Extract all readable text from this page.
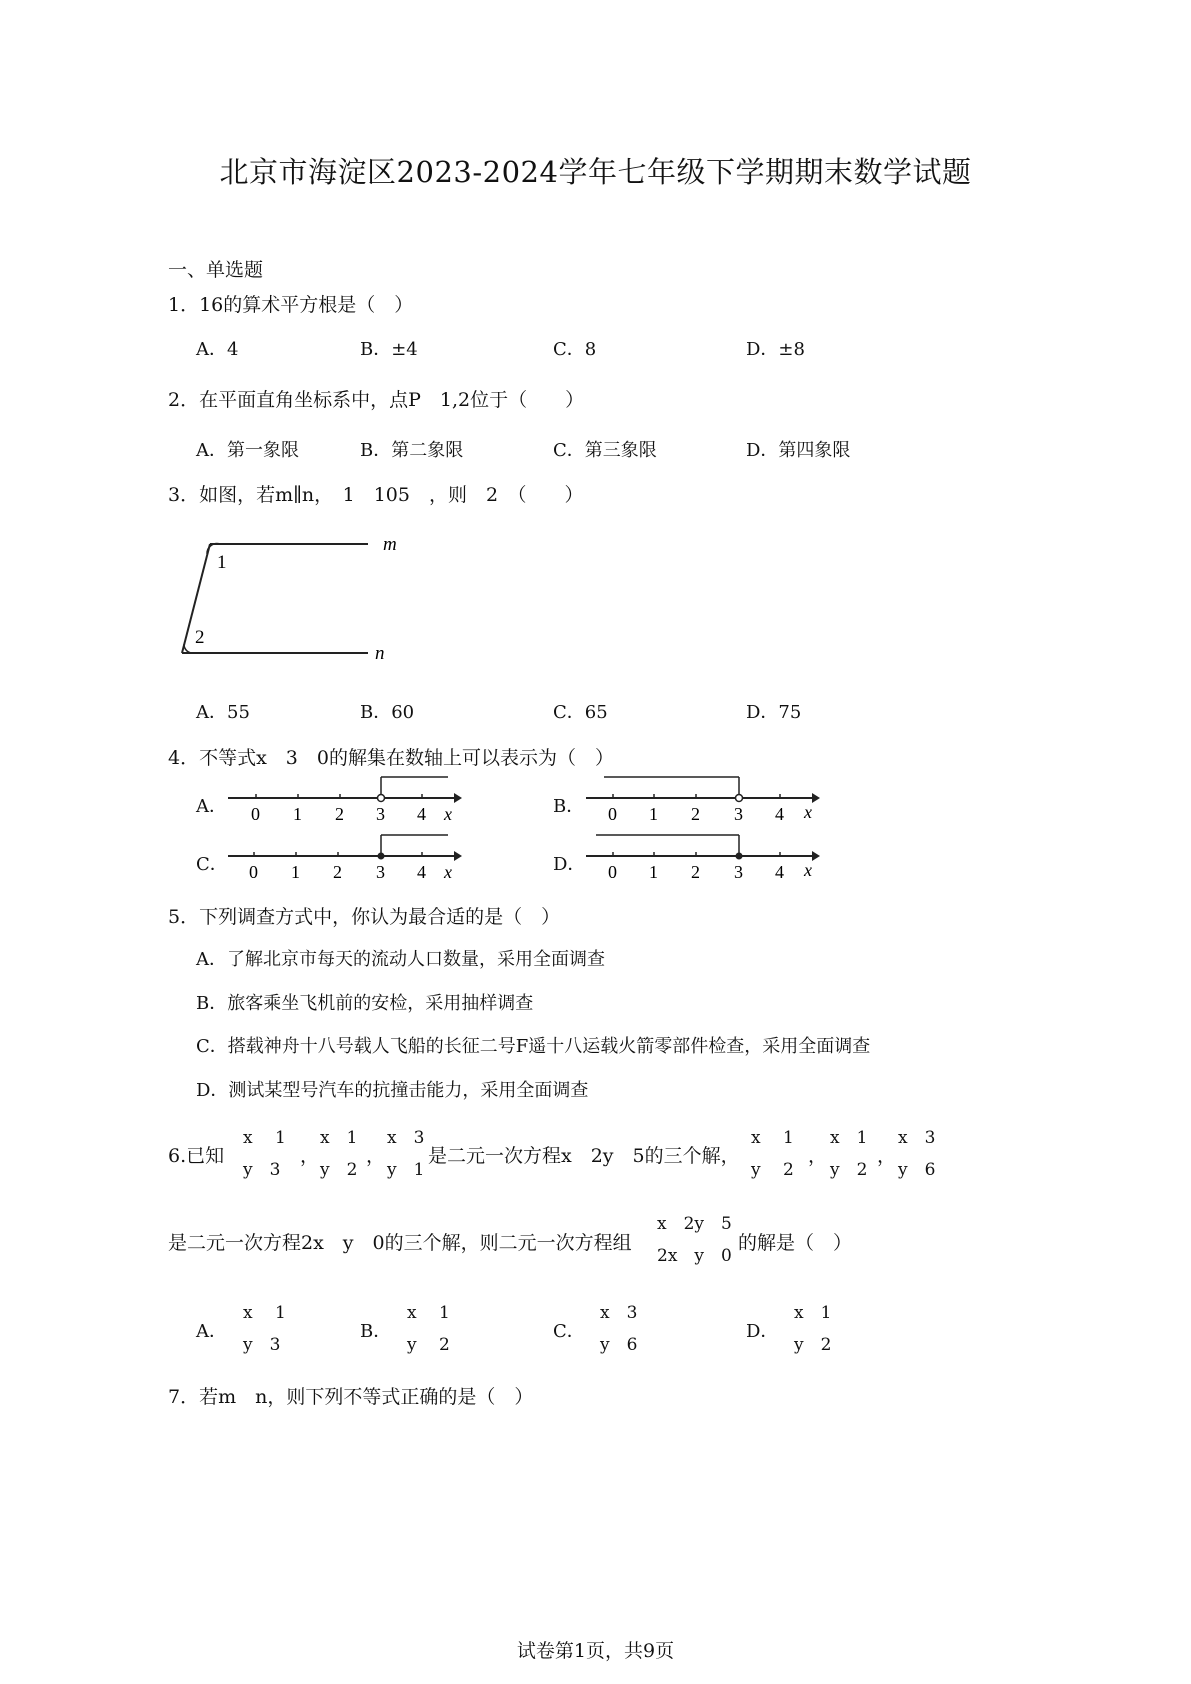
北京市海淀区2023-2024学年七年级下学期期末数学试题
一、单选题
1．16的算术平方根是（　）
A．4	B．±4	C．8	D．±8
2．在平面直角坐标系中，点P　1,2位于（　　）
A．第一象限	B．第二象限	C．第三象限	D．第四象限
3．如图，若m∥n，　1　105　，则　2　（　　）
1
2
m
n
A．55	B．60	C．65	D．75
4．不等式x　3　0的解集在数轴上可以表示为（　）
A． 0 1 2 3 4 x	B． 0 1 2 3 4 x
C． 0 1 2 3 4 x	D． 0 1 2 3 4 x
5．下列调查方式中，你认为最合适的是（　）
A．了解北京市每天的流动人口数量，采用全面调查
B．旅客乘坐飞机前的安检，采用抽样调查
C．搭载神舟十八号载人飞船的长征二号F遥十八运载火箭零部件检查，采用全面调查
D．测试某型号汽车的抗撞击能力，采用全面调查
6.已知
x　 1
y　3
，
x　1
y　2
，
x　3
y　1
是二元一次方程x　2y　5的三个解，
x　 1
y　 2
，
x　1
y　2
，
x　3
y　6
是二元一次方程2x　y　0的三个解，则二元一次方程组
x　2y　5
2x　y　0
的解是（　）
A．
x　 1
y　3
B．
x　 1
y　 2
C．
x　3
y　6
D．
x　1
y　2
7．若m　n，则下列不等式正确的是（　）
试卷第1页，共9页
